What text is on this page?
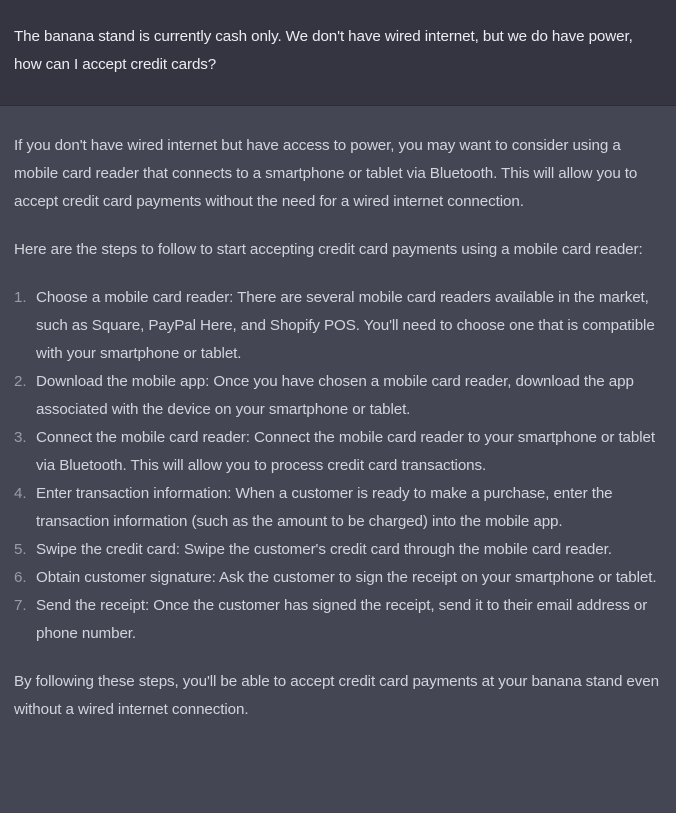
The banana stand is currently cash only. We don't have wired internet, but we do have power, how can I accept credit cards?

If you don't have wired internet but have access to power, you may want to consider using a mobile card reader that connects to a smartphone or tablet via Bluetooth. This will allow you to accept credit card payments without the need for a wired internet connection.

Here are the steps to follow to start accepting credit card payments using a mobile card reader:

1. Choose a mobile card reader: There are several mobile card readers available in the market, such as Square, PayPal Here, and Shopify POS. You'll need to choose one that is compatible with your smartphone or tablet.
2. Download the mobile app: Once you have chosen a mobile card reader, download the app associated with the device on your smartphone or tablet.
3. Connect the mobile card reader: Connect the mobile card reader to your smartphone or tablet via Bluetooth. This will allow you to process credit card transactions.
4. Enter transaction information: When a customer is ready to make a purchase, enter the transaction information (such as the amount to be charged) into the mobile app.
5. Swipe the credit card: Swipe the customer's credit card through the mobile card reader.
6. Obtain customer signature: Ask the customer to sign the receipt on your smartphone or tablet.
7. Send the receipt: Once the customer has signed the receipt, send it to their email address or phone number.

By following these steps, you'll be able to accept credit card payments at your banana stand even without a wired internet connection.
